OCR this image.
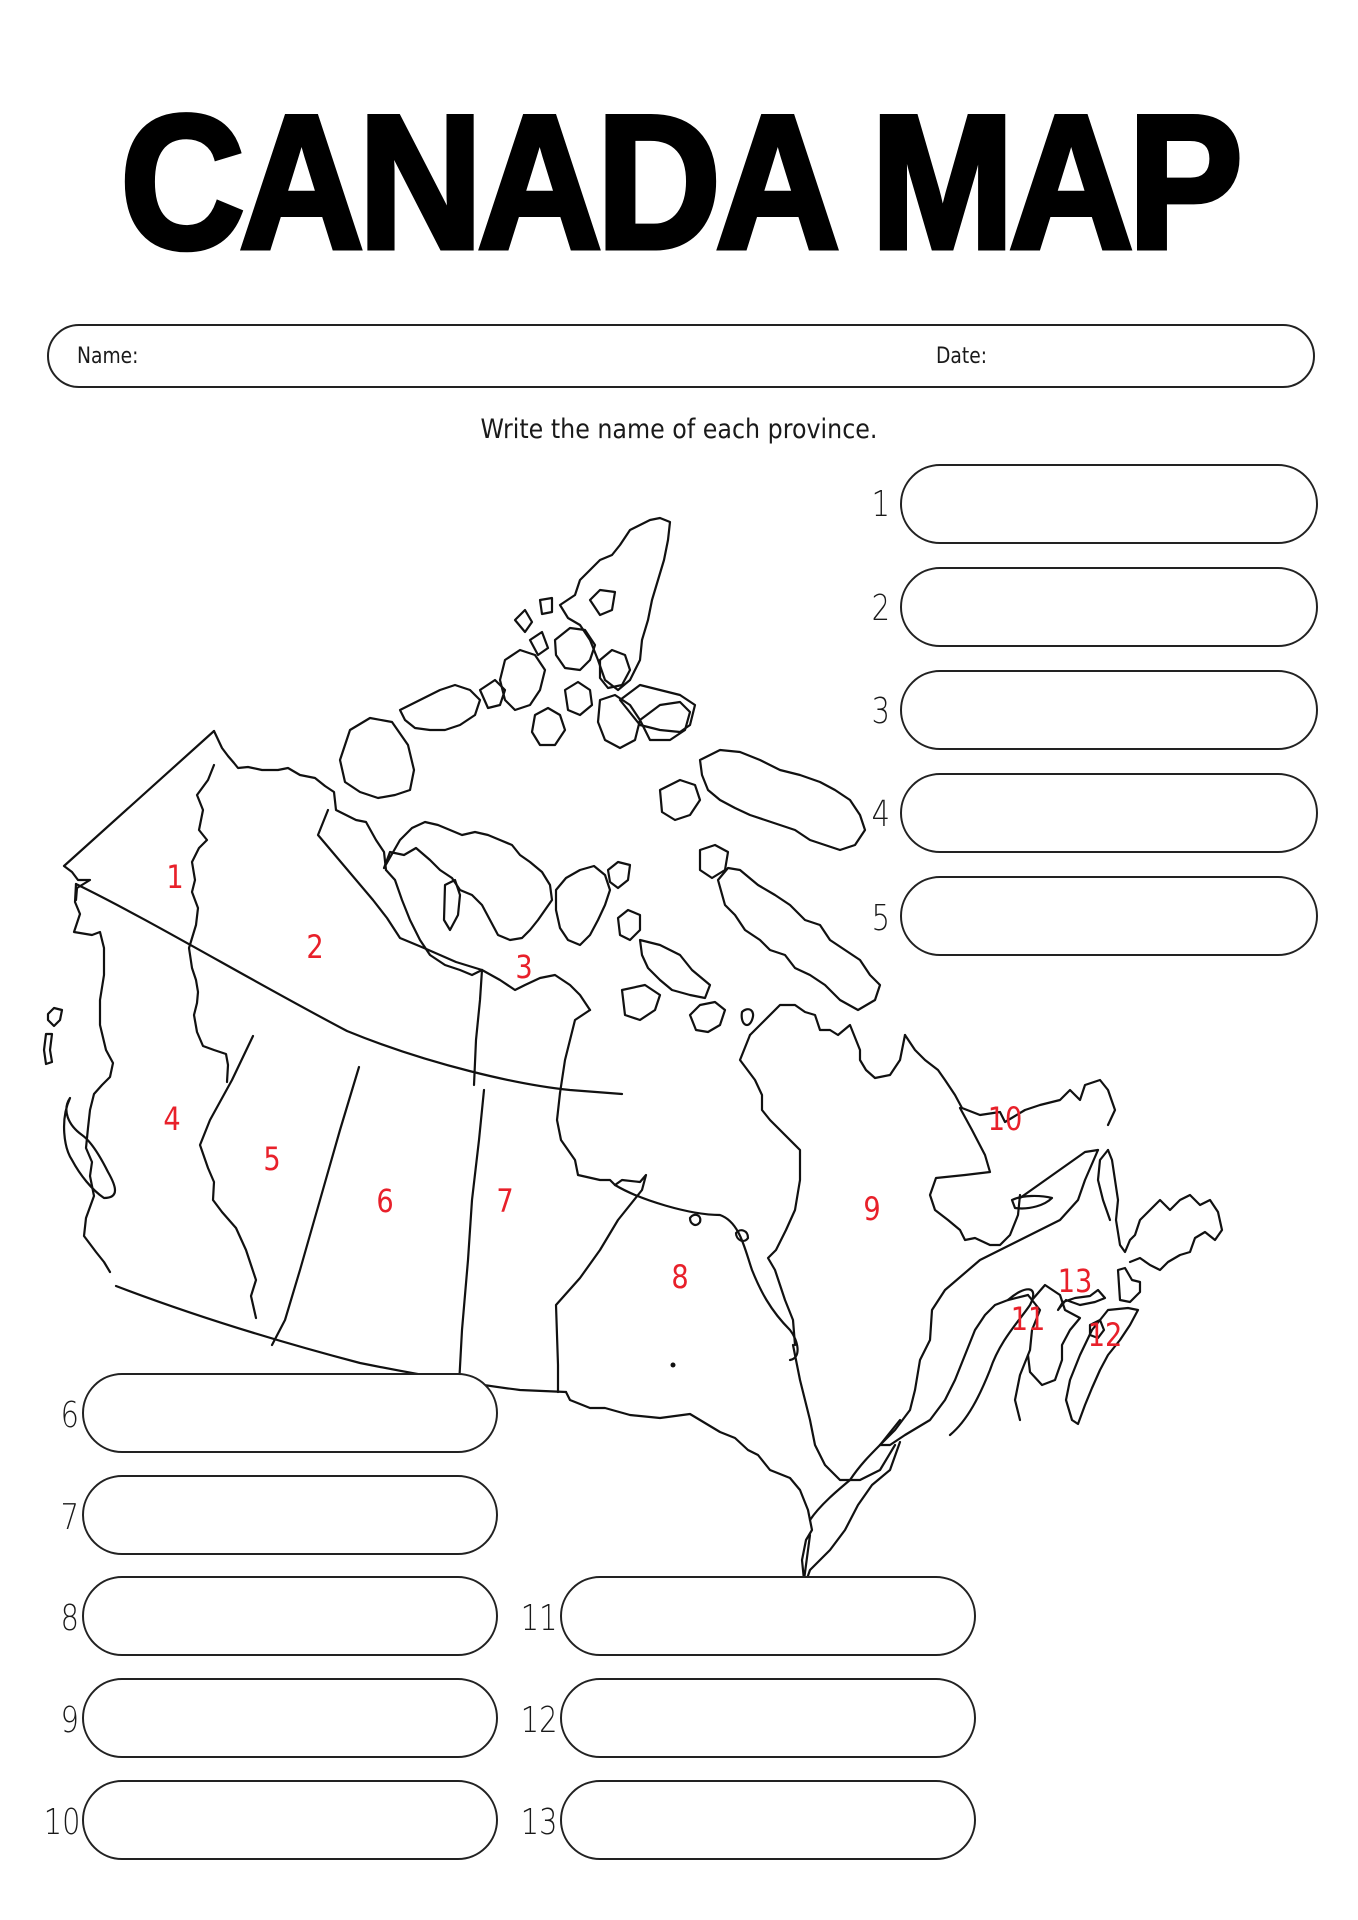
CANADA MAP
Name:	Date:
Write the name of each province.
1
2
3
4
5
6	7
8
9
10
11 12
13
1
2
3
4
5
6
7
8
9
10
11
12
13
